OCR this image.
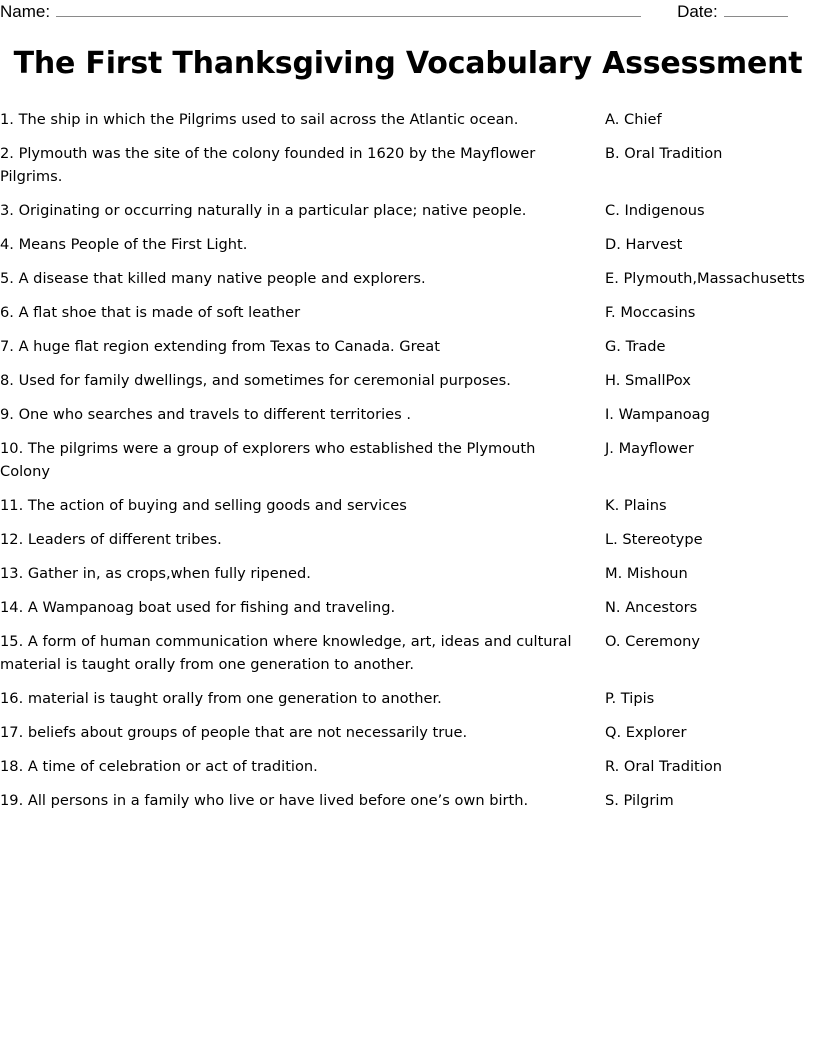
Name:	Date:
The First Thanksgiving Vocabulary Assessment
1. The ship in which the Pilgrims used to sail across the Atlantic ocean.	A. Chief
2. Plymouth was the site of the colony founded in 1620 by the Mayflower Pilgrims.
B. Oral Tradition
3. Originating or occurring naturally in a particular place; native people.	C. Indigenous
4. Means People of the First Light.	D. Harvest
5. A disease that killed many native people and explorers.	E. Plymouth,Massachusetts
6. A flat shoe that is made of soft leather	F. Moccasins
7. A huge flat region extending from Texas to Canada. Great	G. Trade
8. Used for family dwellings, and sometimes for ceremonial purposes.	H. SmallPox
9. One who searches and travels to different territories .	I. Wampanoag
10. The pilgrims were a group of explorers who established the Plymouth Colony
J. Mayflower
11. The action of buying and selling goods and services	K. Plains
12. Leaders of different tribes.	L. Stereotype
13. Gather in, as crops,when fully ripened.	M. Mishoun
14. A Wampanoag boat used for fishing and traveling.	N. Ancestors
15. A form of human communication where knowledge, art, ideas and cultural material is taught orally from one generation to another.
O. Ceremony
16. material is taught orally from one generation to another.	P. Tipis
17. beliefs about groups of people that are not necessarily true.	Q. Explorer
18. A time of celebration or act of tradition.	R. Oral Tradition
19. All persons in a family who live or have lived before one’s own birth.	S. Pilgrim
